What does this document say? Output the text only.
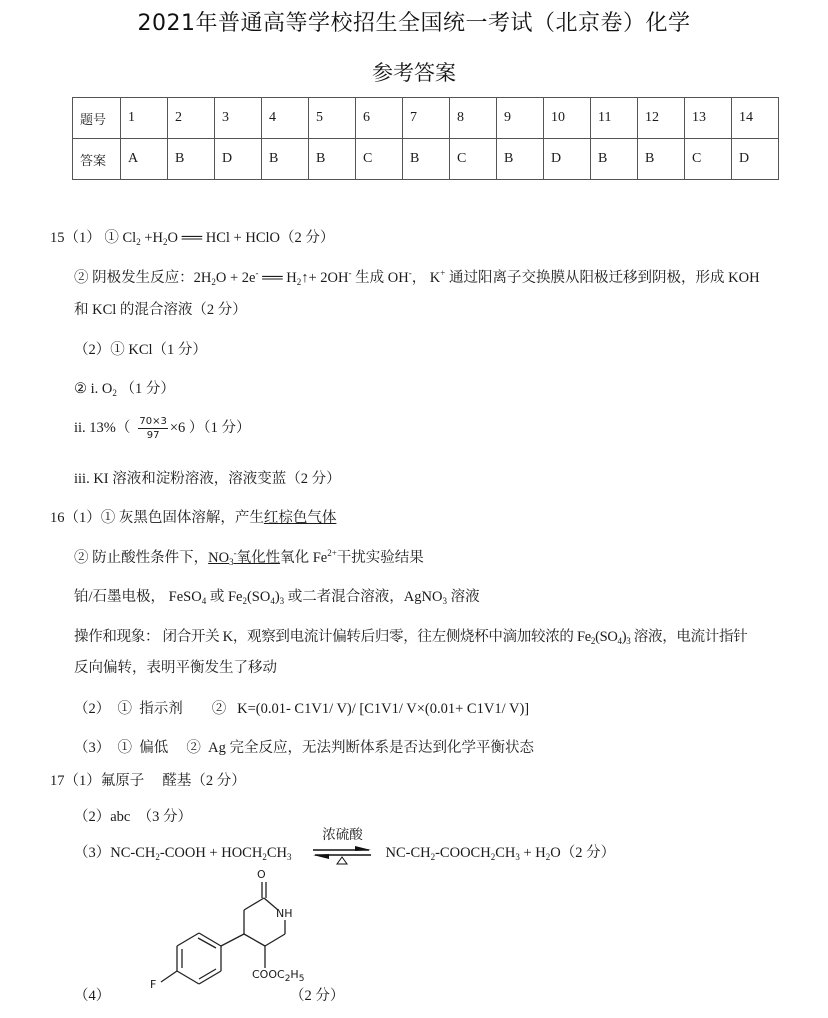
2021年普通高等学校招生全国统一考试（北京卷）化学
参考答案
题号	1	2	3	4	5	6	7	8	9	10	11	12	13	14
答案	A	B	D	B	B	C	B	C	B	D	B	B	C	D
15（1） ① $Cl_2 +H_2O$ ══ HCl + HClO（2 分）
② 阴极发生反应：$2H_2O + 2e^-$ ══ $H_2↑+ 2OH^-$ 生成 OH-， K+ 通过阳离子交换膜从阳极迁移到阴极，形成 KOH
和 KCl 的混合溶液（2 分）
（2）① KCl（1 分）
② i. $O_2$ （1 分）
ii. $13\%( \frac{70\times 3}{97} \times 6$ ）（1 分）
iii. KI 溶液和淀粉溶液，溶液变蓝（2 分）
16（1）① 灰黑色固体溶解，产生红棕色气体
② 防止酸性条件下，$NO_3^-$氧化性氧化 $Fe^{2+}$干扰实验结果
铂/石墨电极， FeSO$_4$ 或 $Fe_2(SO_4)_3$ 或二者混合溶液，AgNO$_3$ 溶液
操作和现象： 闭合开关 K，观察到电流计偏转后归零，往左侧烧杯中滴加较浓的 $Fe_2(SO_4)_3$ 溶液，电流计指针
反向偏转，表明平衡发生了移动
（2）  ①  指示剂        ②   K=(0.01- C1V1/ V)/ [C1V1/ V×(0.01+ C1V1/ V)]
（3）  ①  偏低     ②  Ag 完全反应，无法判断体系是否达到化学平衡状态
17（1）氟原子     醛基（2 分）
（2）abc  （3 分）
$(3)NC-CH_2$-COOH + $HOCH_2CH_3$
浓硫酸
$NC-CH_2-COOCH_2CH_3 + H_2O(2$ 分）
（4）	（2 分）
O
NH
F
$COOC_2H_5$
